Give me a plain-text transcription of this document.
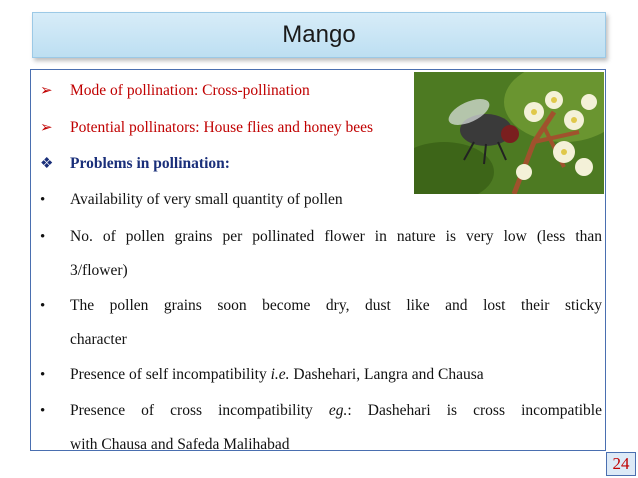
Mango
➢	Mode of pollination: Cross-pollination
➢	Potential pollinators: House flies and honey bees
❖	Problems in pollination:
•	Availability of very small quantity of pollen
•	No. of pollen grains per pollinated flower in nature is very low (less than
3/flower)
•	The pollen grains soon become dry, dust like and lost their sticky
character
•	Presence of self incompatibility i.e. Dashehari, Langra and Chausa
•	Presence of cross incompatibility eg.: Dashehari is cross incompatible
with Chausa and Safeda Malihabad
24
